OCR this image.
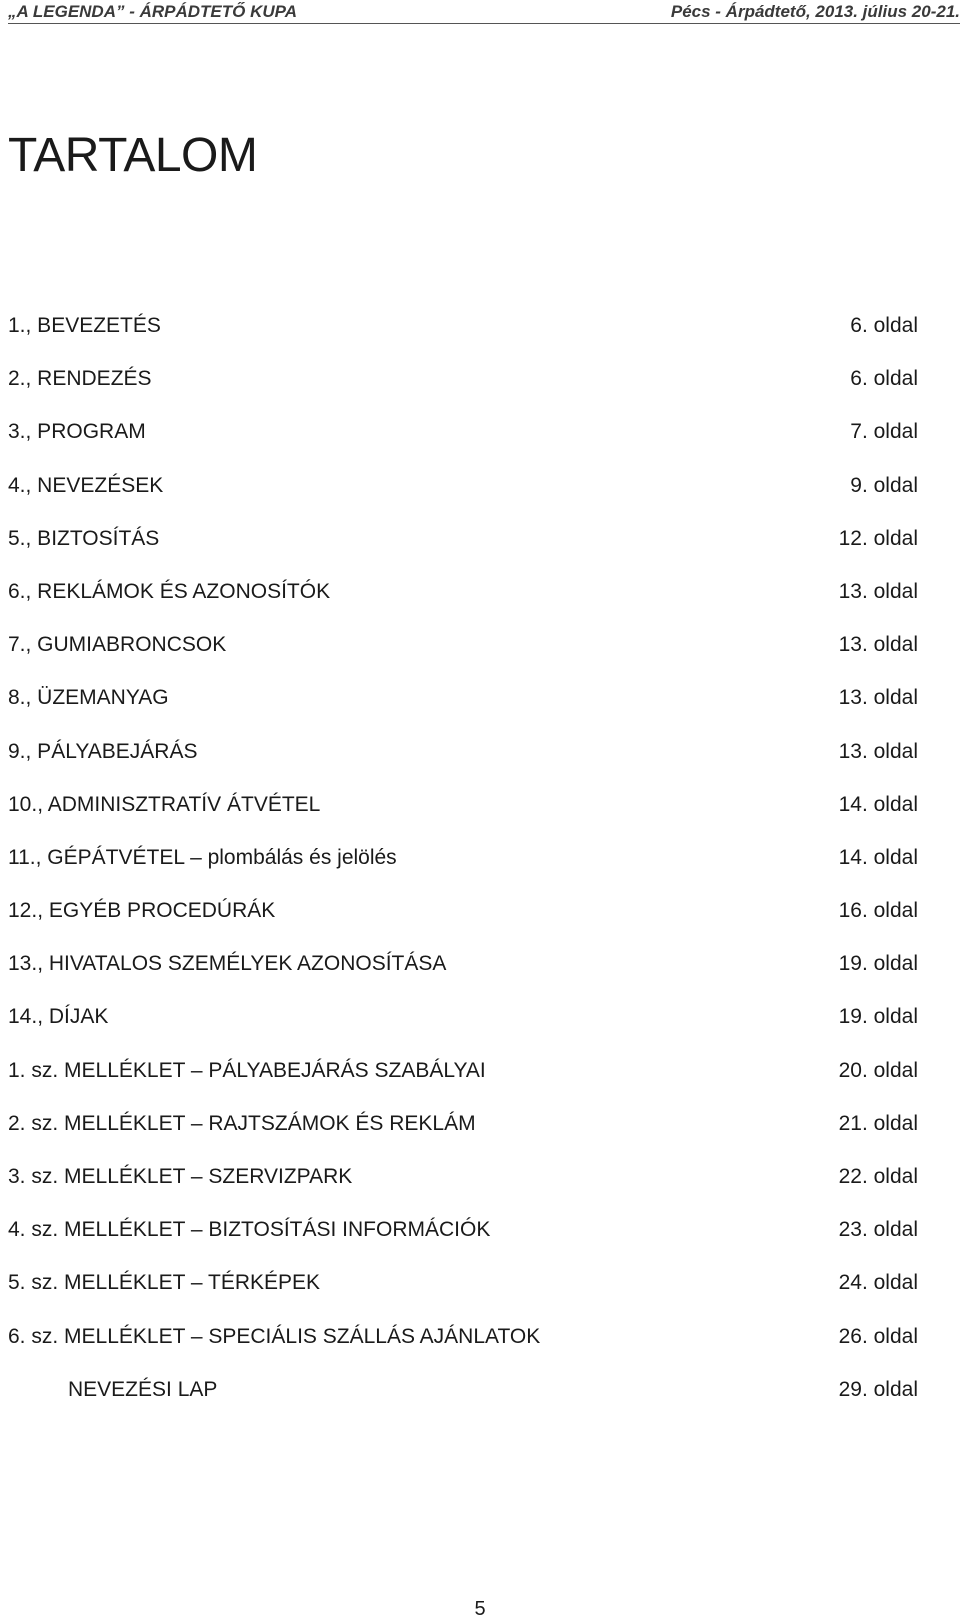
„A LEGENDA” - ÁRPÁDTETŐ KUPA	Pécs - Árpádtető, 2013. július 20-21.
TARTALOM
1., BEVEZETÉS	6. oldal
2., RENDEZÉS	6. oldal
3., PROGRAM	7. oldal
4., NEVEZÉSEK	9. oldal
5., BIZTOSÍTÁS	12. oldal
6., REKLÁMOK ÉS AZONOSÍTÓK	13. oldal
7., GUMIABRONCSOK	13. oldal
8., ÜZEMANYAG	13. oldal
9., PÁLYABEJÁRÁS	13. oldal
10., ADMINISZTRATÍV ÁTVÉTEL	14. oldal
11., GÉPÁTVÉTEL – plombálás és jelölés	14. oldal
12., EGYÉB PROCEDÚRÁK	16. oldal
13., HIVATALOS SZEMÉLYEK AZONOSÍTÁSA	19. oldal
14., DÍJAK	19. oldal
1. sz. MELLÉKLET – PÁLYABEJÁRÁS SZABÁLYAI	20. oldal
2. sz. MELLÉKLET – RAJTSZÁMOK ÉS REKLÁM	21. oldal
3. sz. MELLÉKLET – SZERVIZPARK	22. oldal
4. sz. MELLÉKLET – BIZTOSÍTÁSI INFORMÁCIÓK	23. oldal
5. sz. MELLÉKLET – TÉRKÉPEK	24. oldal
6. sz. MELLÉKLET – SPECIÁLIS SZÁLLÁS AJÁNLATOK	26. oldal
NEVEZÉSI LAP	29. oldal
5
